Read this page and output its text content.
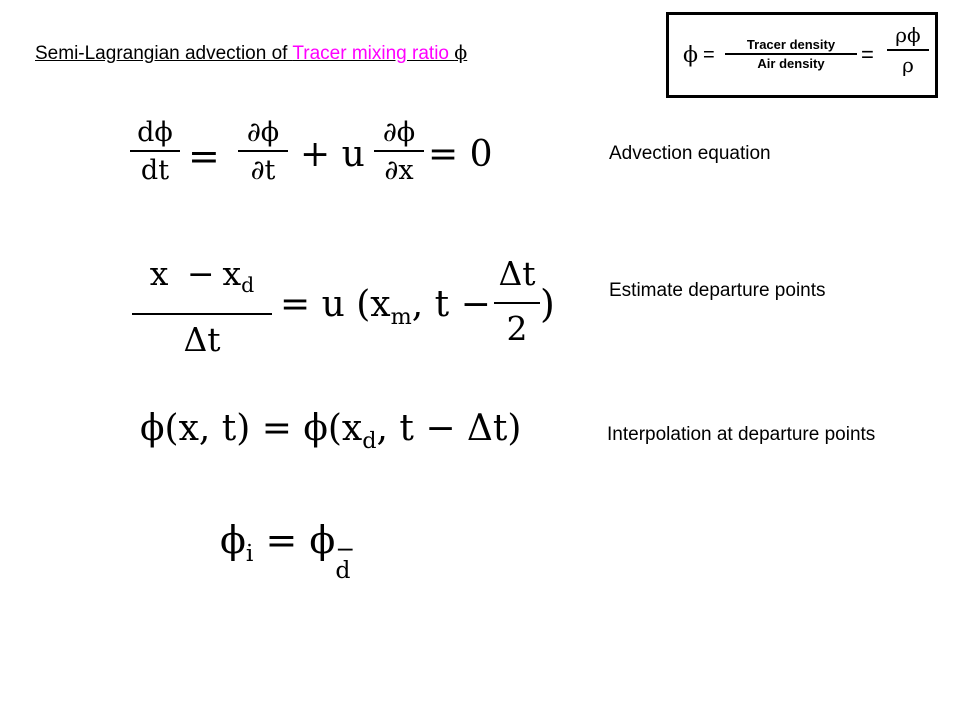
Semi-Lagrangian advection of Tracer mixing ratio ϕ	ϕ =	Tracer density
Air density	=
ρϕ
ρ
dϕ
dt =
∂ϕ
∂t + u
∂ϕ
∂x = 0	Advection equation
$x - x_d$
Δt
= u ($x_m$, t −
Δt
2
)	Estimate departure points
ϕ(x, $t) = \phi(x_d$, t − Δt)	Interpolation at departure points
$\phi_i = \phi$ −
d
